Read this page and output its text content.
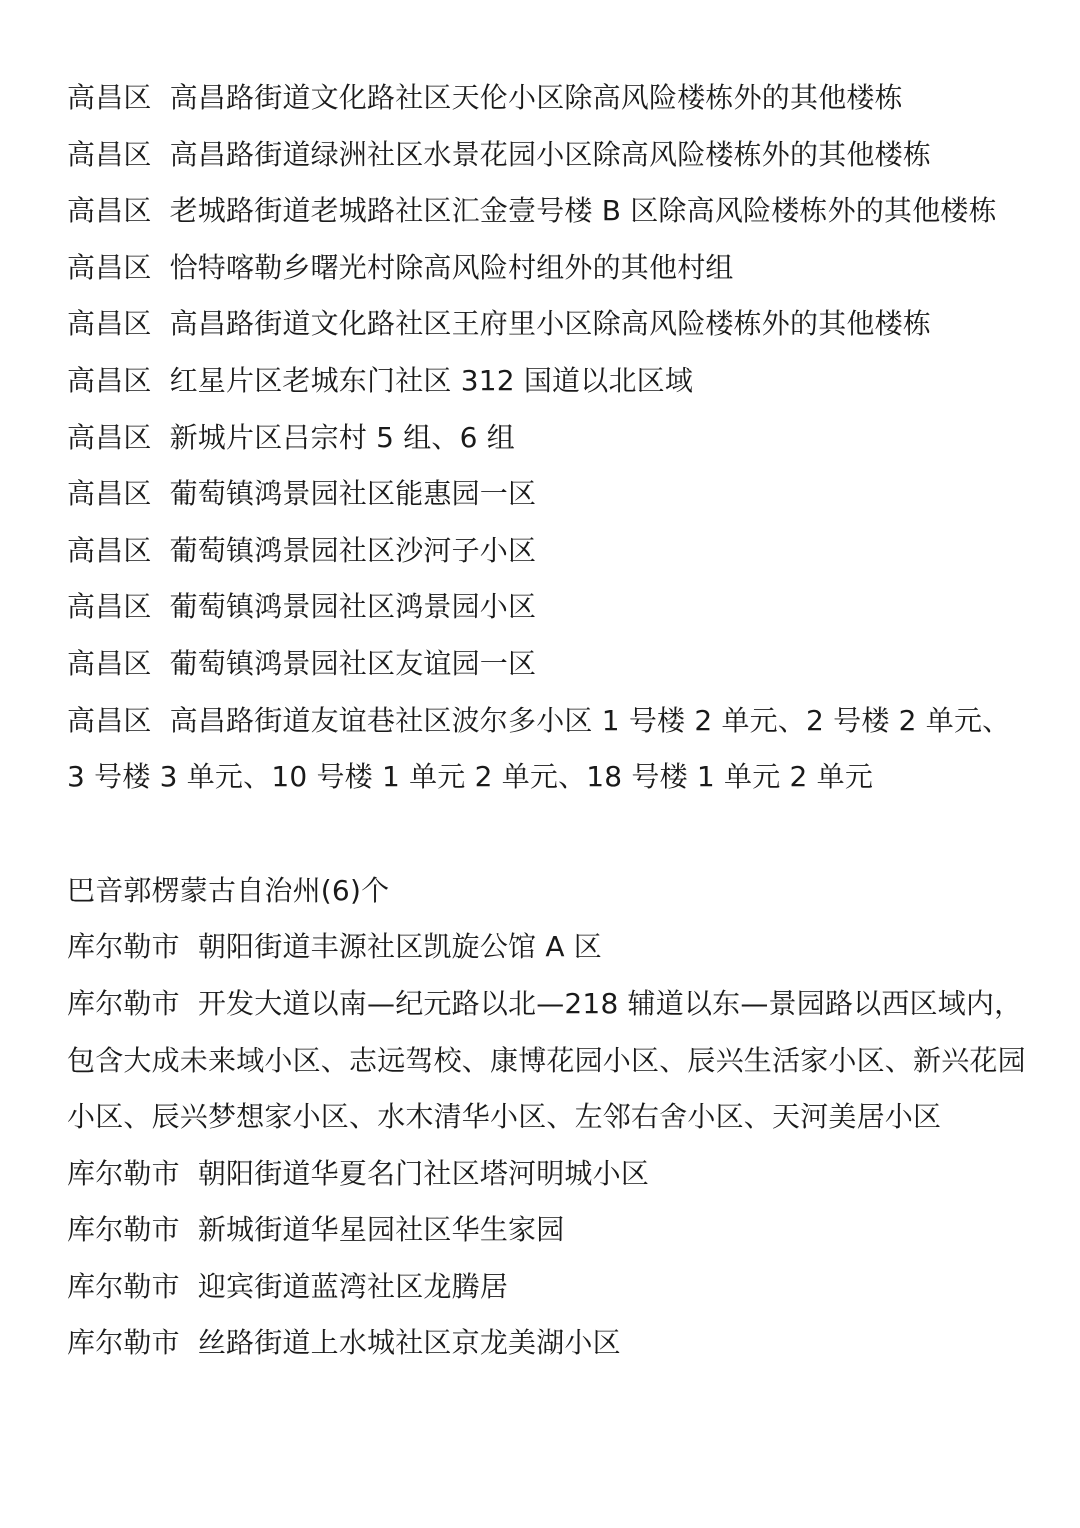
高昌区 高昌路街道文化路社区天伦小区除高风险楼栋外的其他楼栋
高昌区 高昌路街道绿洲社区水景花园小区除高风险楼栋外的其他楼栋
高昌区 老城路街道老城路社区汇金壹号楼 B 区除高风险楼栋外的其他楼栋
高昌区 恰特喀勒乡曙光村除高风险村组外的其他村组
高昌区 高昌路街道文化路社区王府里小区除高风险楼栋外的其他楼栋
高昌区 红星片区老城东门社区 312 国道以北区域
高昌区 新城片区吕宗村 5 组、6 组
高昌区 葡萄镇鸿景园社区能惠园一区
高昌区 葡萄镇鸿景园社区沙河子小区
高昌区 葡萄镇鸿景园社区鸿景园小区
高昌区 葡萄镇鸿景园社区友谊园一区
高昌区 高昌路街道友谊巷社区波尔多小区 1 号楼 2 单元、2 号楼 2 单元、3 号楼 3 单元、10 号楼 1 单元 2 单元、18 号楼 1 单元 2 单元
巴音郭楞蒙古自治州(6)个
库尔勒市 朝阳街道丰源社区凯旋公馆 A 区
库尔勒市 开发大道以南—纪元路以北—218 辅道以东—景园路以西区域内，包含大成未来域小区、志远驾校、康博花园小区、辰兴生活家小区、新兴花园小区、辰兴梦想家小区、水木清华小区、左邻右舍小区、天河美居小区
库尔勒市 朝阳街道华夏名门社区塔河明城小区
库尔勒市 新城街道华星园社区华生家园
库尔勒市 迎宾街道蓝湾社区龙腾居
库尔勒市 丝路街道上水城社区京龙美湖小区
